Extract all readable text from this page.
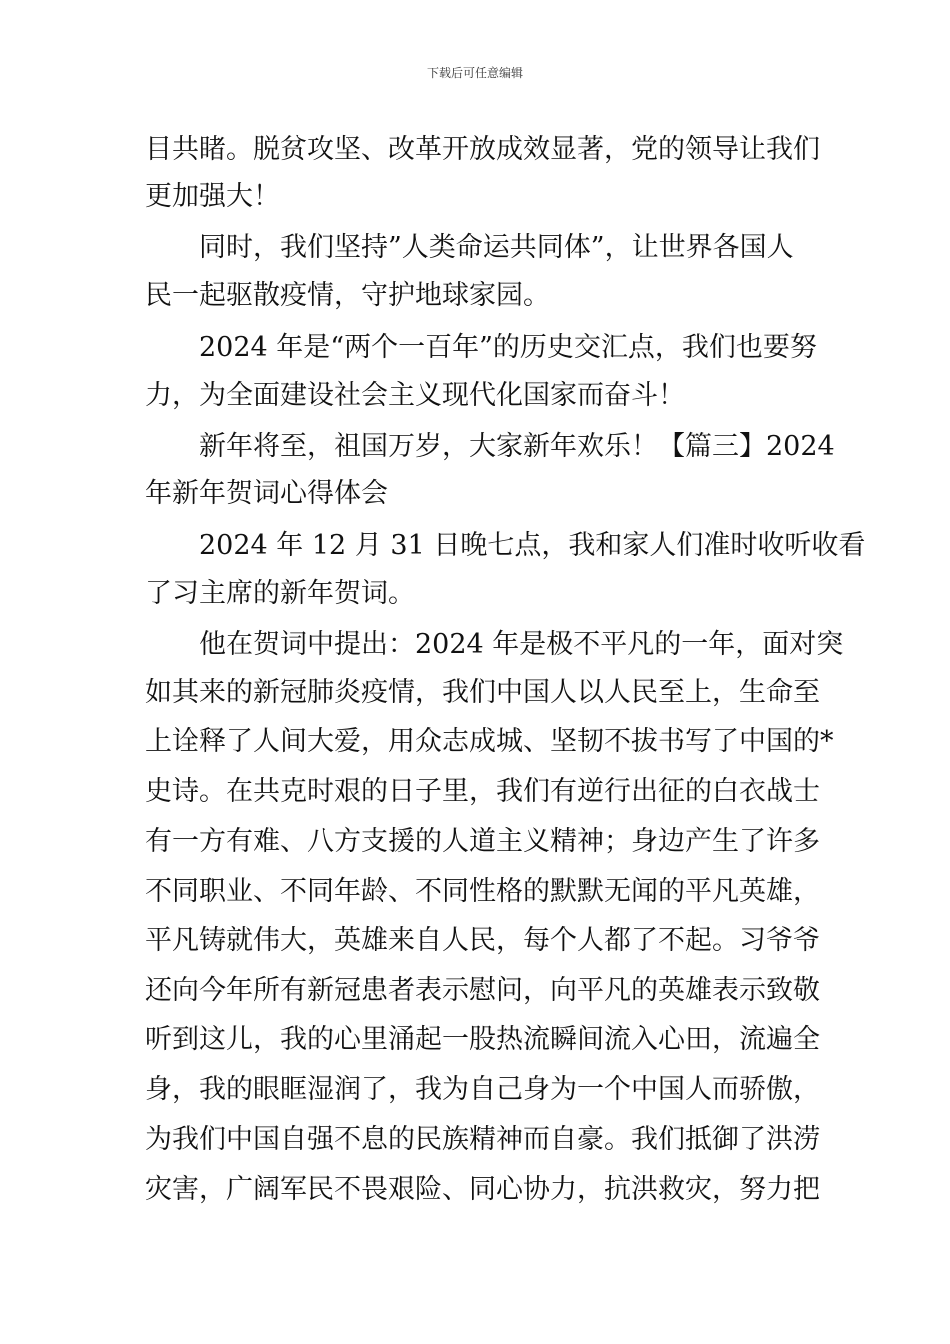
下载后可任意编辑
目共睹。脱贫攻坚、改革开放成效显著，党的领导让我们
更加强大！
同时，我们坚持”人类命运共同体”，让世界各国人
民一起驱散疫情，守护地球家园。
2024 年是“两个一百年”的历史交汇点，我们也要努
力，为全面建设社会主义现代化国家而奋斗！
新年将至，祖国万岁，大家新年欢乐！【篇三】2024
年新年贺词心得体会
2024 年 12 月 31 日晚七点，我和家人们准时收听收看
了习主席的新年贺词。
他在贺词中提出：2024 年是极不平凡的一年，面对突
如其来的新冠肺炎疫情，我们中国人以人民至上，生命至
上诠释了人间大爱，用众志成城、坚韧不拔书写了中国的*
史诗。在共克时艰的日子里，我们有逆行出征的白衣战士
有一方有难、八方支援的人道主义精神；身边产生了许多
不同职业、不同年龄、不同性格的默默无闻的平凡英雄，
平凡铸就伟大，英雄来自人民，每个人都了不起。习爷爷
还向今年所有新冠患者表示慰问，向平凡的英雄表示致敬
听到这儿，我的心里涌起一股热流瞬间流入心田，流遍全
身，我的眼眶湿润了，我为自己身为一个中国人而骄傲，
为我们中国自强不息的民族精神而自豪。我们抵御了洪涝
灾害，广阔军民不畏艰险、同心协力，抗洪救灾，努力把
